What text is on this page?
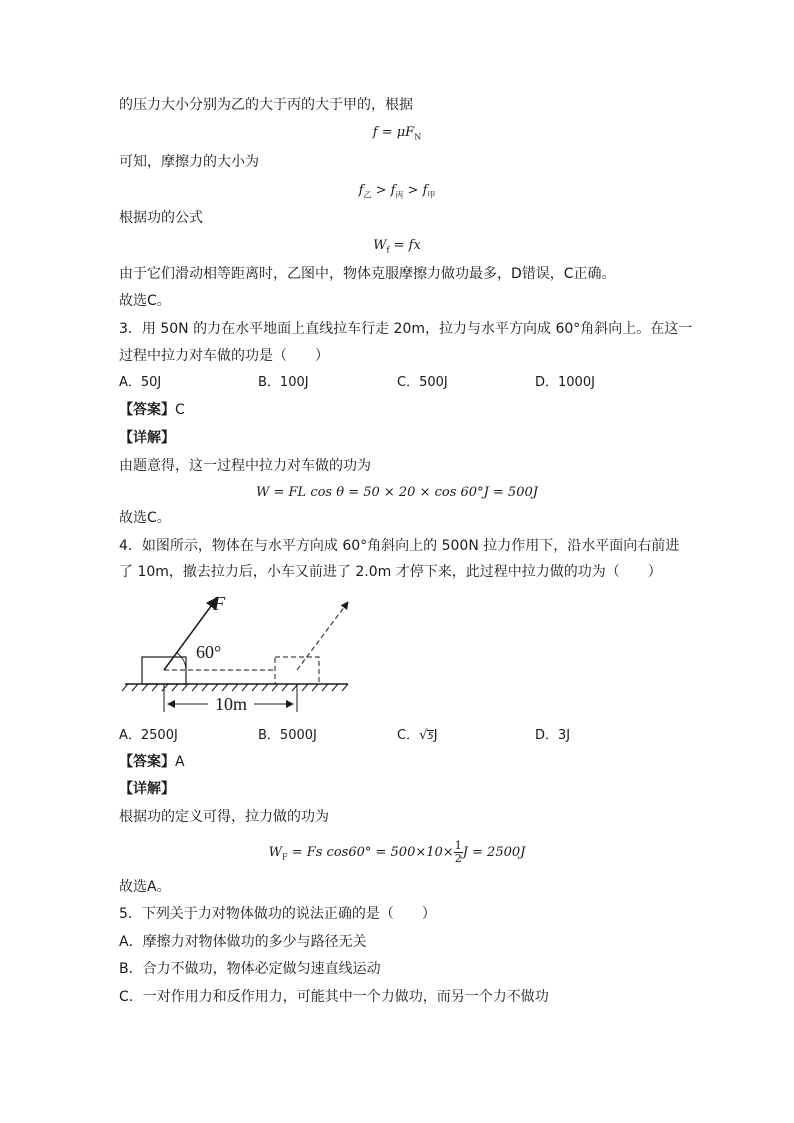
的压力大小分别为乙的大于丙的大于甲的，根据
$f = \mu F_N$
可知，摩擦力的大小为
$f_乙 > f_丙 > f_甲$
根据功的公式
$W_f$ = fx
由于它们滑动相等距离时，乙图中，物体克服摩擦力做功最多，D错误，C正确。
故选C。
3．用 50N 的力在水平地面上直线拉车行走 20m，拉力与水平方向成 60°角斜向上。在这一
过程中拉力对车做的功是（　　）
A．50J	B．100J	C．500J	D．1000J
【答案】C
【详解】
由题意得，这一过程中拉力对车做的功为
W = FL cos θ = 50 × 20 × cos 60°J = 500J
故选C。
4．如图所示，物体在与水平方向成 60°角斜向上的 500N 拉力作用下，沿水平面向右前进
了 10m，撤去拉力后，小车又前进了 2.0m 才停下来，此过程中拉力做的功为（　　）
10m
F
60°
A．2500J	B．5000J	C．√5J	D．3J
【答案】A
【详解】
根据功的定义可得，拉力做的功为
$W_F = Fs$ $\cos 60^\circ = 500\times 10\times \frac{1}{2}$ J = 2500J
故选A。
5．下列关于力对物体做功的说法正确的是（　　）
A．摩擦力对物体做功的多少与路径无关
B．合力不做功，物体必定做匀速直线运动
C．一对作用力和反作用力，可能其中一个力做功，而另一个力不做功
